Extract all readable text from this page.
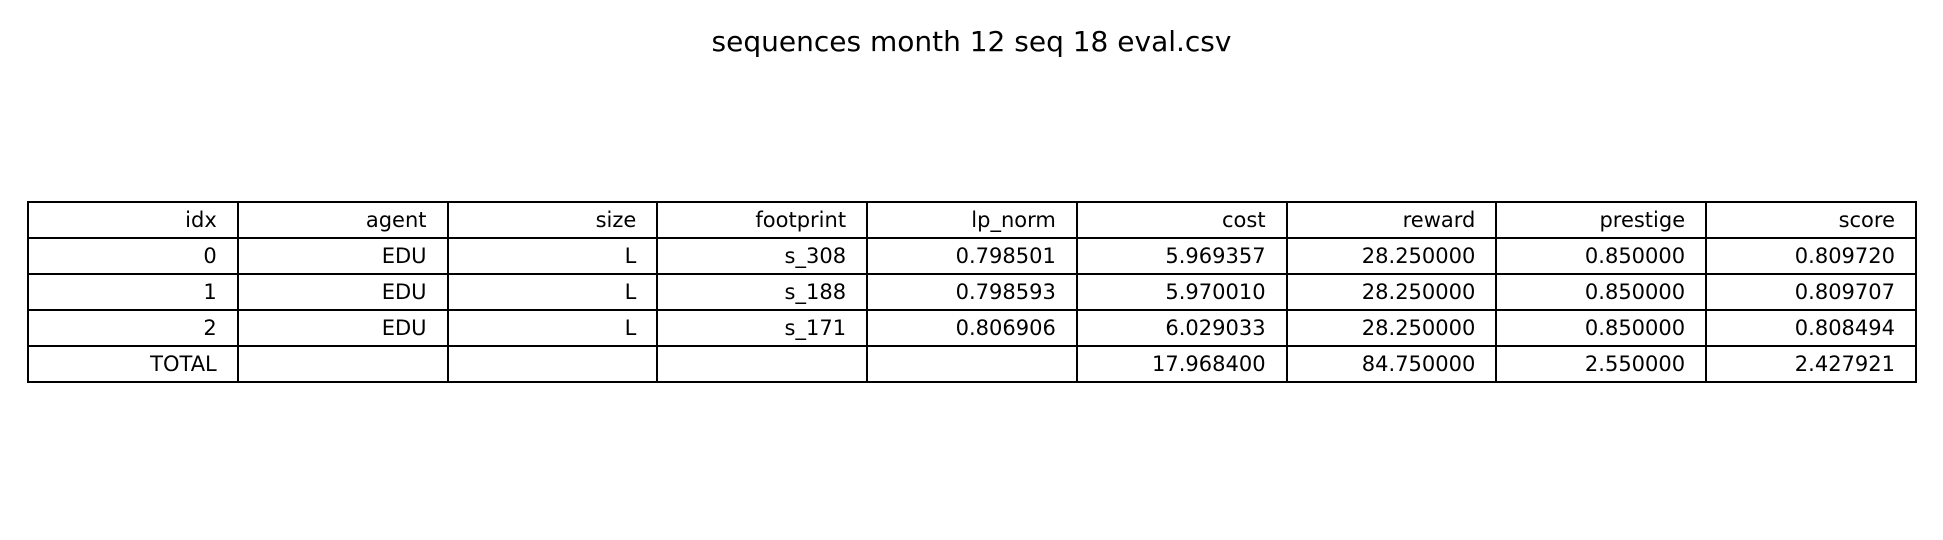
sequences month 12 seq 18 eval.csv
idx	agent	size	footprint	lp_norm	cost	reward	prestige	score
0	EDU	L	s_308	0.798501	5.969357	28.250000	0.850000	0.809720
1	EDU	L	s_188	0.798593	5.970010	28.250000	0.850000	0.809707
2	EDU	L	s_171	0.806906	6.029033	28.250000	0.850000	0.808494
TOTAL					17.968400	84.750000	2.550000	2.427921
